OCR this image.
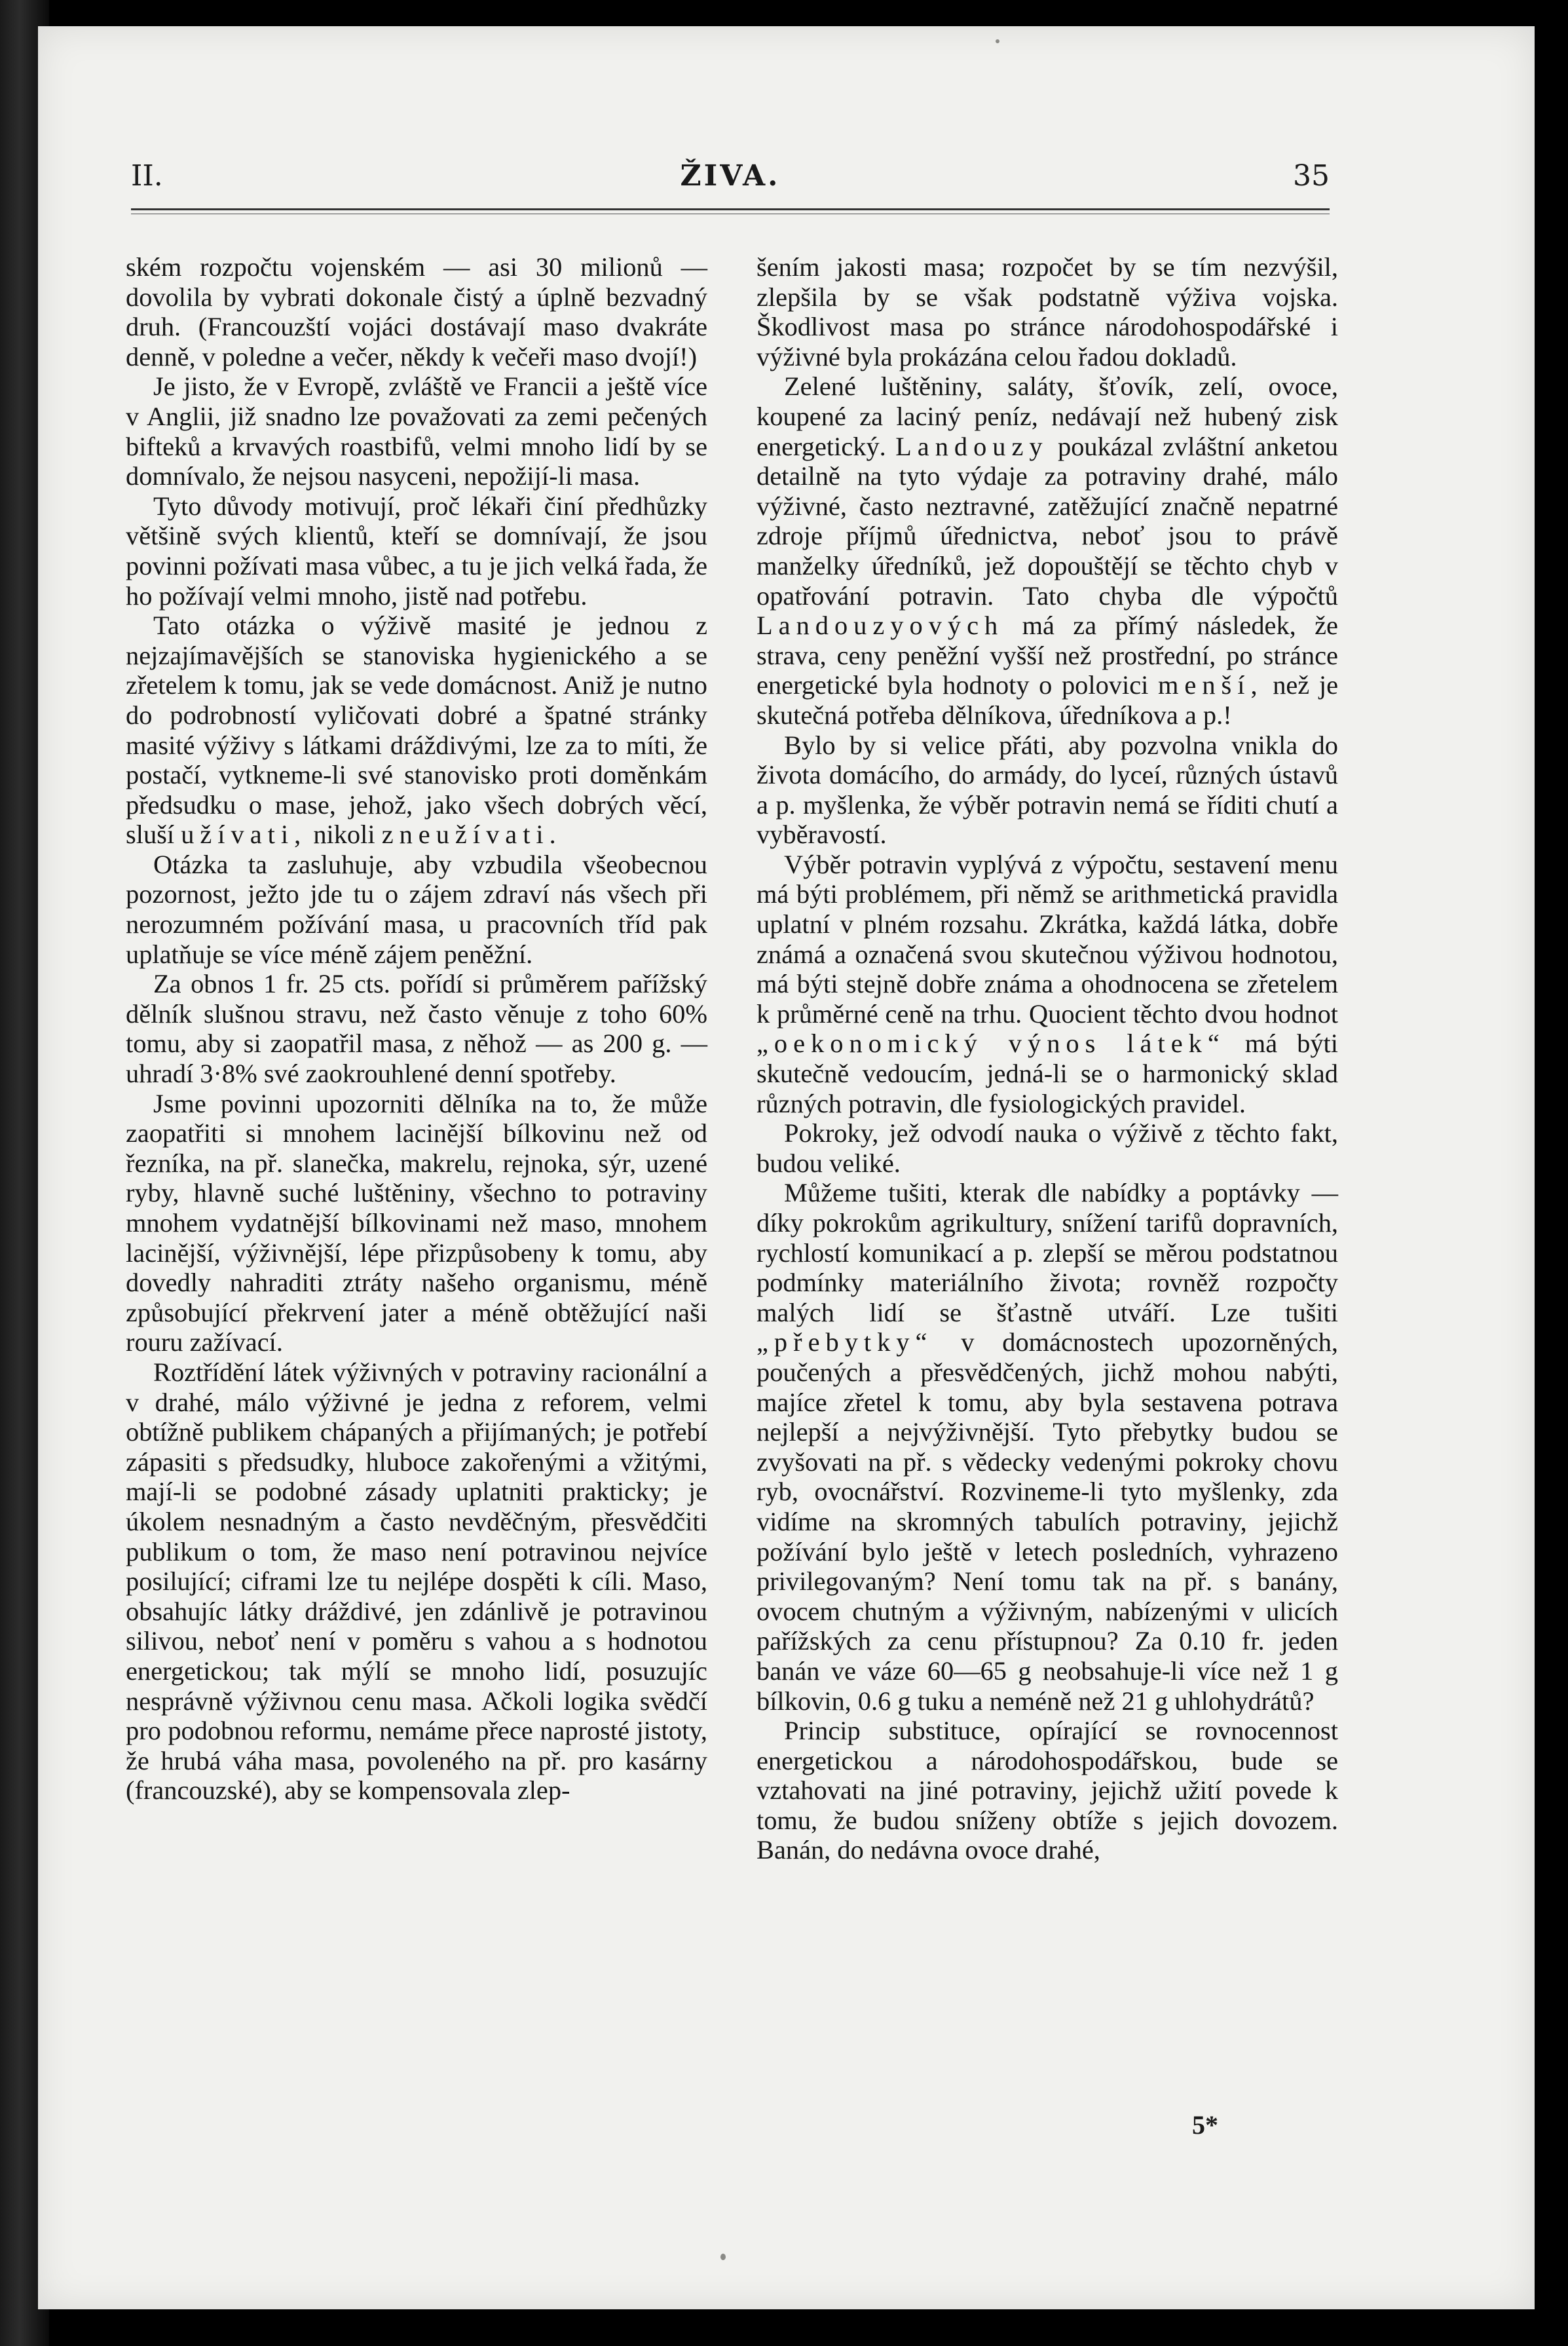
II.	ŽIVA.	35

ském rozpočtu vojenském — asi 30 milionů — dovolila by vybrati dokonale čistý a úplně bezvadný druh. (Francouzští vojáci dostávají maso dvakráte denně, v poledne a večer, někdy k večeři maso dvojí!)

Je jisto, že v Evropě, zvláště ve Francii a ještě více v Anglii, již snadno lze považovati za zemi pečených bifteků a krvavých roastbifů, velmi mnoho lidí by se domnívalo, že nejsou nasyceni, nepožijí-li masa.

Tyto důvody motivují, proč lékaři činí předhůzky většině svých klientů, kteří se domnívají, že jsou povinni požívati masa vůbec, a tu je jich velká řada, že ho požívají velmi mnoho, jistě nad potřebu.

Tato otázka o výživě masité je jednou z nejzajímavějších se stanoviska hygienického a se zřetelem k tomu, jak se vede domácnost. Aniž je nutno do podrobností vyličovati dobré a špatné stránky masité výživy s látkami dráždivými, lze za to míti, že postačí, vytkneme-li své stanovisko proti doměnkám předsudku o mase, jehož, jako všech dobrých věcí, sluší užívati, nikoli zneužívati.

Otázka ta zasluhuje, aby vzbudila všeobecnou pozornost, ježto jde tu o zájem zdraví nás všech při nerozumném požívání masa, u pracovních tříd pak uplatňuje se více méně zájem peněžní.

Za obnos 1 fr. 25 cts. pořídí si průměrem pařížský dělník slušnou stravu, než často věnuje z toho 60% tomu, aby si zaopatřil masa, z něhož — as 200 g. — uhradí 3·8% své zaokrouhlené denní spotřeby.

Jsme povinni upozorniti dělníka na to, že může zaopatřiti si mnohem lacinější bílkovinu než od řezníka, na př. slanečka, makrelu, rejnoka, sýr, uzené ryby, hlavně suché luštěniny, všechno to potraviny mnohem vydatnější bílkovinami než maso, mnohem lacinější, výživnější, lépe přizpůsobeny k tomu, aby dovedly nahraditi ztráty našeho organismu, méně způsobující překrvení jater a méně obtěžující naši rouru zažívací.

Roztřídění látek výživných v potraviny racionální a v drahé, málo výživné je jedna z reforem, velmi obtížně publikem chápaných a přijímaných; je potřebí zápasiti s předsudky, hluboce zakořenými a vžitými, mají-li se podobné zásady uplatniti prakticky; je úkolem nesnadným a často nevděčným, přesvědčiti publikum o tom, že maso není potravinou nejvíce posilující; ciframi lze tu nejlépe dospěti k cíli. Maso, obsahujíc látky dráždivé, jen zdánlivě je potravinou silivou, neboť není v poměru s vahou a s hodnotou energetickou; tak mýlí se mnoho lidí, posuzujíc nesprávně výživnou cenu masa. Ačkoli logika svědčí pro podobnou reformu, nemáme přece naprosté jistoty, že hrubá váha masa, povoleného na př. pro kasárny (francouzské), aby se kompensovala zlep-

šením jakosti masa; rozpočet by se tím nezvýšil, zlepšila by se však podstatně výživa vojska. Škodlivost masa po stránce národohospodářské i výživné byla prokázána celou řadou dokladů.

Zelené luštěniny, saláty, šťovík, zelí, ovoce, koupené za laciný peníz, nedávají než hubený zisk energetický. Landouzy poukázal zvláštní anketou detailně na tyto výdaje za potraviny drahé, málo výživné, často neztravné, zatěžující značně nepatrné zdroje příjmů úřednictva, neboť jsou to právě manželky úředníků, jež dopouštějí se těchto chyb v opatřování potravin. Tato chyba dle výpočtů Landouzyových má za přímý následek, že strava, ceny peněžní vyšší než prostřední, po stránce energetické byla hodnoty o polovici menší, než je skutečná potřeba dělníkova, úředníkova a p.!

Bylo by si velice přáti, aby pozvolna vnikla do života domácího, do armády, do lyceí, různých ústavů a p. myšlenka, že výběr potravin nemá se říditi chutí a vyběravostí.

Výběr potravin vyplývá z výpočtu, sestavení menu má býti problémem, při němž se arithmetická pravidla uplatní v plném rozsahu. Zkrátka, každá látka, dobře známá a označená svou skutečnou výživou hodnotou, má býti stejně dobře známa a ohodnocena se zřetelem k průměrné ceně na trhu. Quocient těchto dvou hodnot „oekonomický výnos látek“ má býti skutečně vedoucím, jedná-li se o harmonický sklad různých potravin, dle fysiologických pravidel.

Pokroky, jež odvodí nauka o výživě z těchto fakt, budou veliké.

Můžeme tušiti, kterak dle nabídky a poptávky — díky pokrokům agrikultury, snížení tarifů dopravních, rychlostí komunikací a p. zlepší se měrou podstatnou podmínky materiálního života; rovněž rozpočty malých lidí se šťastně utváří. Lze tušiti „přebytky“ v domácnostech upozorněných, poučených a přesvědčených, jichž mohou nabýti, majíce zřetel k tomu, aby byla sestavena potrava nejlepší a nejvýživnější. Tyto přebytky budou se zvyšovati na př. s vědecky vedenými pokroky chovu ryb, ovocnářství. Rozvineme-li tyto myšlenky, zda vidíme na skromných tabulích potraviny, jejichž požívání bylo ještě v letech posledních, vyhrazeno privilegovaným? Není tomu tak na př. s banány, ovocem chutným a výživným, nabízenými v ulicích pařížských za cenu přístupnou? Za 0.10 fr. jeden banán ve váze 60—65 g neobsahuje-li více než 1 g bílkovin, 0.6 g tuku a neméně než 21 g uhlohydrátů?

Princip substituce, opírající se rovnocennost energetickou a národohospodářskou, bude se vztahovati na jiné potraviny, jejichž užití povede k tomu, že budou sníženy obtíže s jejich dovozem. Banán, do nedávna ovoce drahé,

5*
